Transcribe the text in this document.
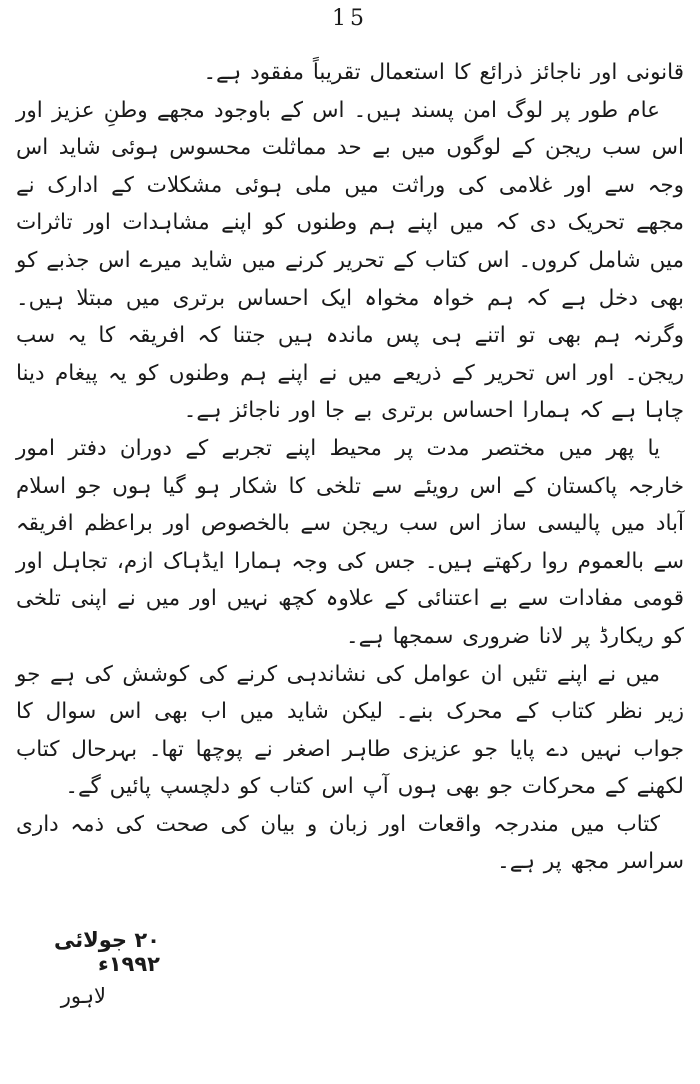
15

قانونی اور ناجائز ذرائع کا استعمال تقریباً مفقود ہے۔

عام طور پر لوگ امن پسند ہیں۔ اس کے باوجود مجھے وطنِ عزیز اور اس سب ریجن کے لوگوں میں بے حد مماثلت محسوس ہوئی شاید اس وجہ سے اور غلامی کی وراثت میں ملی ہوئی مشکلات کے ادارک نے مجھے تحریک دی کہ میں اپنے ہم وطنوں کو اپنے مشاہدات اور تاثرات میں شامل کروں۔ اس کتاب کے تحریر کرنے میں شاید میرے اس جذبے کو بھی دخل ہے کہ ہم خواہ مخواہ ایک احساس برتری میں مبتلا ہیں۔ وگرنہ ہم بھی تو اتنے ہی پس ماندہ ہیں جتنا کہ افریقہ کا یہ سب ریجن۔ اور اس تحریر کے ذریعے میں نے اپنے ہم وطنوں کو یہ پیغام دینا چاہا ہے کہ ہمارا احساس برتری بے جا اور ناجائز ہے۔

یا پھر میں مختصر مدت پر محیط اپنے تجربے کے دوران دفتر امور خارجہ پاکستان کے اس رویئے سے تلخی کا شکار ہو گیا ہوں جو اسلام آباد میں پالیسی ساز اس سب ریجن سے بالخصوص اور براعظم افریقہ سے بالعموم روا رکھتے ہیں۔ جس کی وجہ ہمارا ایڈہاک ازم، تجاہل اور قومی مفادات سے بے اعتنائی کے علاوہ کچھ نہیں اور میں نے اپنی تلخی کو ریکارڈ پر لانا ضروری سمجھا ہے۔

میں نے اپنے تئیں ان عوامل کی نشاندہی کرنے کی کوشش کی ہے جو زیر نظر کتاب کے محرک بنے۔ لیکن شاید میں اب بھی اس سوال کا جواب نہیں دے پایا جو عزیزی طاہر اصغر نے پوچھا تھا۔ بہرحال کتاب لکھنے کے محرکات جو بھی ہوں آپ اس کتاب کو دلچسپ پائیں گے۔

کتاب میں مندرجہ واقعات اور زبان و بیان کی صحت کی ذمہ داری سراسر مجھ پر ہے۔

۲۰ جولائی ۱۹۹۲ء
لاہور
